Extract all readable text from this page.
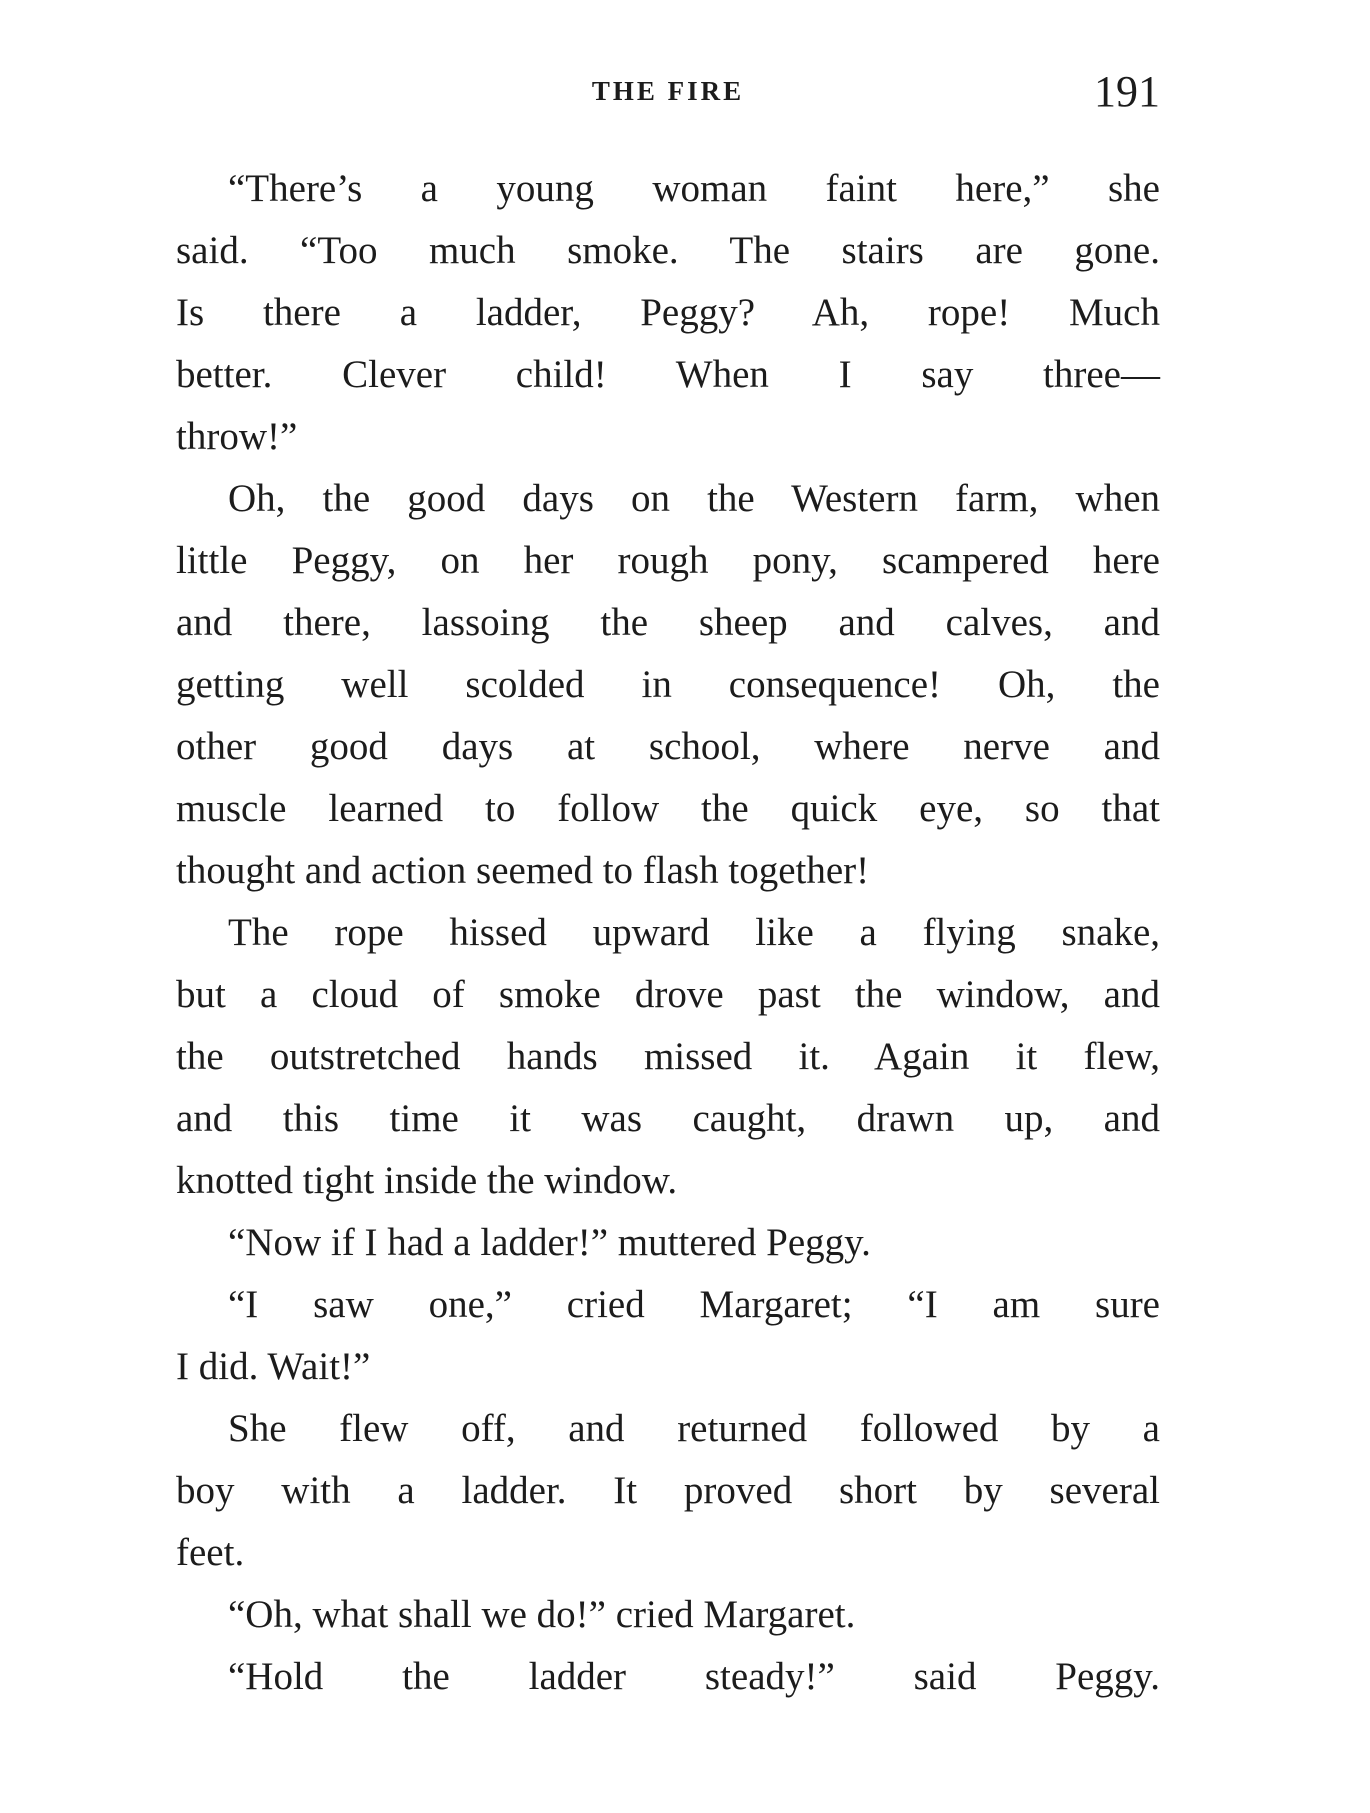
THE FIRE	191
“There’s a young woman faint here,” she
said. “Too much smoke. The stairs are gone.
Is there a ladder, Peggy? Ah, rope! Much
better. Clever child! When I say three—
throw!”
Oh, the good days on the Western farm, when
little Peggy, on her rough pony, scampered here
and there, lassoing the sheep and calves, and
getting well scolded in consequence! Oh, the
other good days at school, where nerve and
muscle learned to follow the quick eye, so that
thought and action seemed to flash together!
The rope hissed upward like a flying snake,
but a cloud of smoke drove past the window, and
the outstretched hands missed it. Again it flew,
and this time it was caught, drawn up, and
knotted tight inside the window.
“Now if I had a ladder!” muttered Peggy.
“I saw one,” cried Margaret; “I am sure
I did. Wait!”
She flew off, and returned followed by a
boy with a ladder. It proved short by several
feet.
“Oh, what shall we do!” cried Margaret.
“Hold the ladder steady!” said Peggy.
